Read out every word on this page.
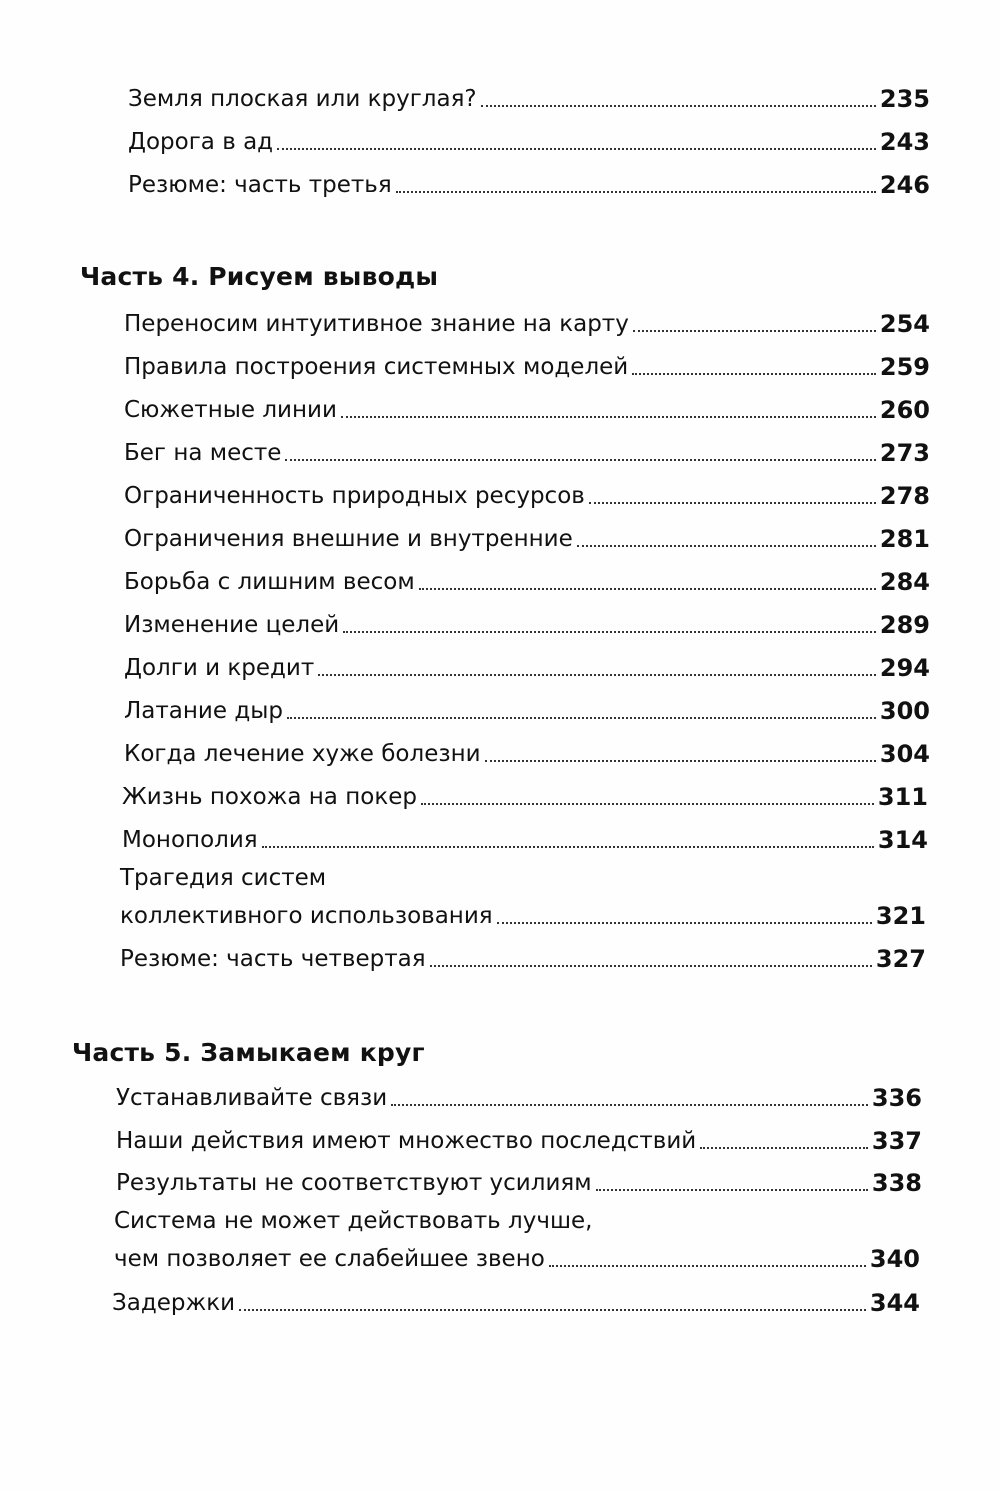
Земля плоская или круглая?	235
Дорога в ад	243
Резюме: часть третья	246
Часть 4. Рисуем выводы
Переносим интуитивное знание на карту	254
Правила построения системных моделей	259
Сюжетные линии	260
Бег на месте	273
Ограниченность природных ресурсов	278
Ограничения внешние и внутренние	281
Борьба с лишним весом	284
Изменение целей	289
Долги и кредит	294
Латание дыр	300
Когда лечение хуже болезни	304
Жизнь похожа на покер	311
Монополия	314
Трагедия систем
коллективного использования	321
Резюме: часть четвертая	327
Часть 5. Замыкаем круг
Устанавливайте связи	336
Наши действия имеют множество последствий	337
Результаты не соответствуют усилиям	338
Система не может действовать лучше,
чем позволяет ее слабейшее звено	340
Задержки	344
